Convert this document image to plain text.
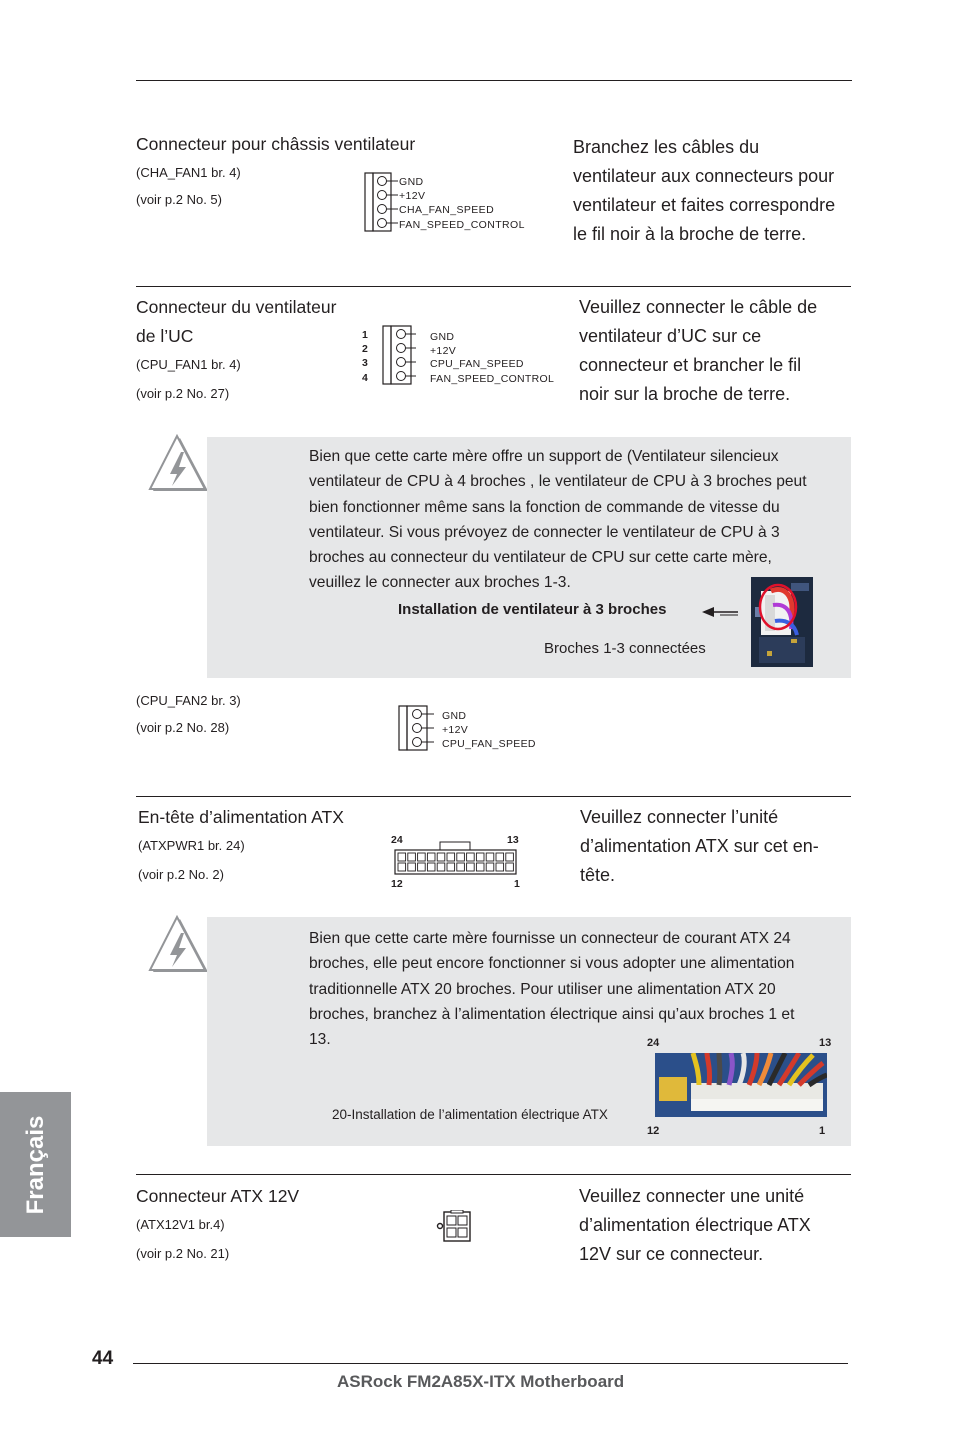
Connecteur pour châssis ventilateur
(CHA_FAN1 br. 4)
(voir p.2 No. 5)
GND
+12V
CHA_FAN_SPEED
FAN_SPEED_CONTROL
Branchez les câbles du
ventilateur aux connecteurs pour
ventilateur et faites correspondre
le fil noir à la broche de terre.
Connecteur du ventilateur
de l’UC
(CPU_FAN1 br. 4)
(voir p.2 No. 27)
1
2
3
4
GND
+12V
CPU_FAN_SPEED
FAN_SPEED_CONTROL
Veuillez connecter le câble de
ventilateur d’UC sur ce
connecteur et brancher le fil
noir sur la broche de terre.
Bien que cette carte mère offre un support de (Ventilateur silencieux
ventilateur de CPU à 4 broches , le ventilateur de CPU à 3 broches peut
bien fonctionner même sans la fonction de commande de vitesse du
ventilateur. Si vous prévoyez de connecter le ventilateur de CPU à 3
broches au connecteur du ventilateur de CPU sur cette carte mère,
veuillez le connecter aux broches 1-3.
Installation de ventilateur à 3 broches
Broches 1-3 connectées
(CPU_FAN2 br. 3)
(voir p.2 No. 28)
GND
+12V
CPU_FAN_SPEED
En-tête d’alimentation ATX
(ATXPWR1 br. 24)
(voir p.2 No. 2)
24	13
12	1
Veuillez connecter l’unité
d’alimentation ATX sur cet en-
tête.
Bien que cette carte mère fournisse un connecteur de courant ATX 24
broches, elle peut encore fonctionner si vous adopter une alimentation
traditionnelle ATX 20 broches. Pour utiliser une alimentation ATX 20
broches, branchez à l’alimentation électrique ainsi qu’aux broches 1 et
13.
20-Installation de l’alimentation électrique ATX
24	13
12	1
Connecteur ATX 12V
(ATX12V1 br.4)
(voir p.2 No. 21)
Veuillez connecter une unité
d’alimentation électrique ATX
12V sur ce connecteur.
Français
44
ASRock FM2A85X-ITX Motherboard
